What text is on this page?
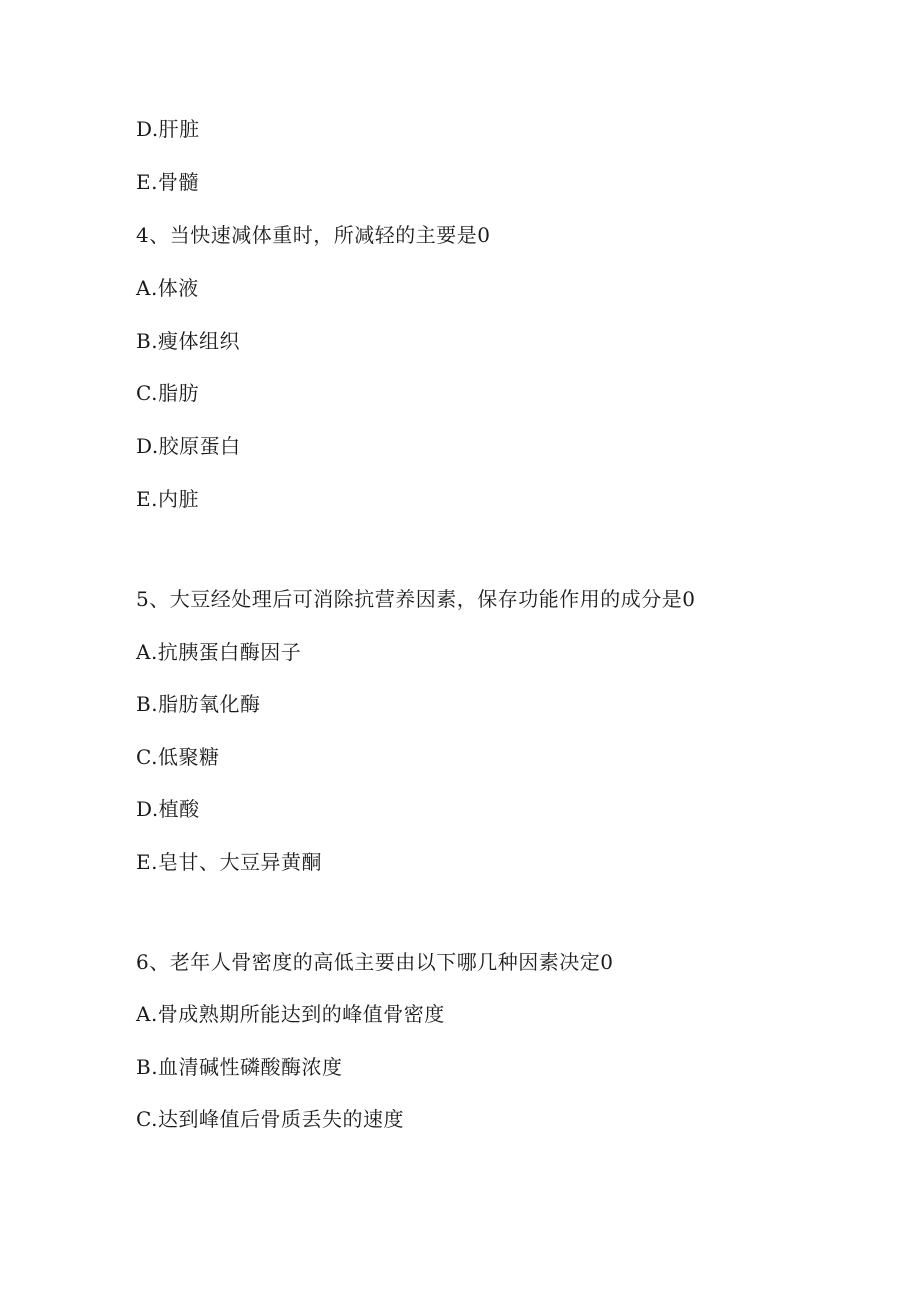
D.肝脏
E.骨髓
4、当快速减体重时，所减轻的主要是0
A.体液
B.瘦体组织
C.脂肪
D.胶原蛋白
E.内脏
5、大豆经处理后可消除抗营养因素，保存功能作用的成分是0
A.抗胰蛋白酶因子
B.脂肪氧化酶
C.低聚糖
D.植酸
E.皂甘、大豆异黄酮
6、老年人骨密度的高低主要由以下哪几种因素决定0
A.骨成熟期所能达到的峰值骨密度
B.血清碱性磷酸酶浓度
C.达到峰值后骨质丢失的速度
